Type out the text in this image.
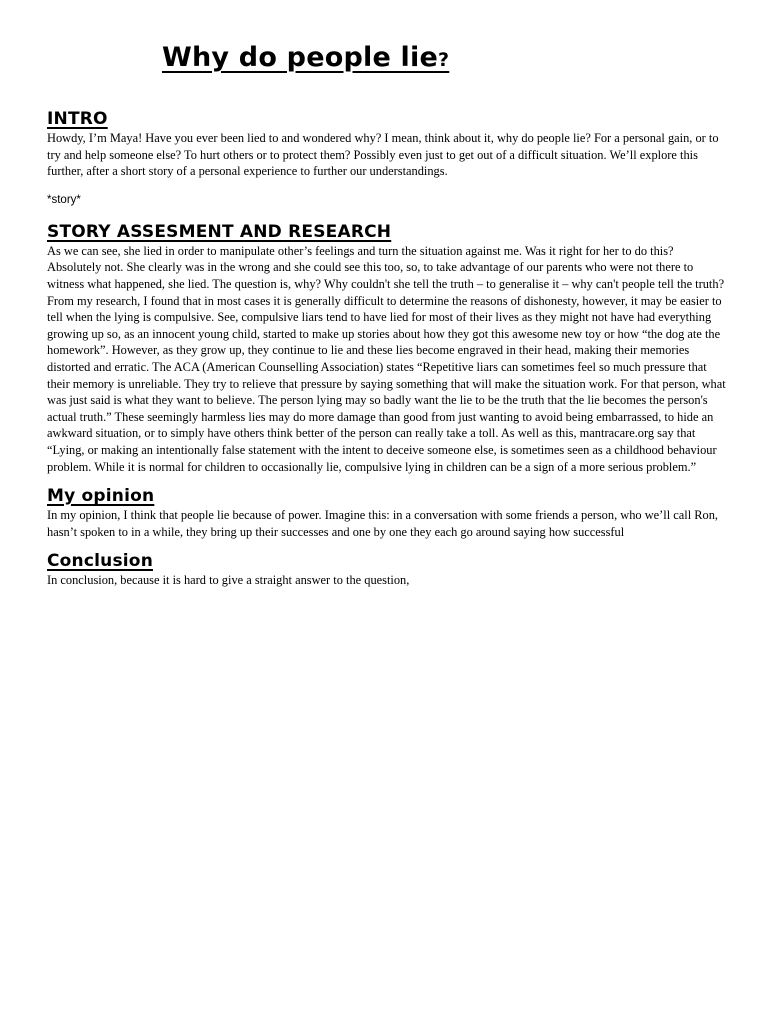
Why do people lie?
INTRO

Howdy, I’m Maya! Have you ever been lied to and wondered why? I mean, think about it, why do people lie? For a personal gain, or to try and help someone else? To hurt others or to protect them? Possibly even just to get out of a difficult situation. We’ll explore this further, after a short story of a personal experience to further our understandings.

*story*

STORY ASSESMENT AND RESEARCH

As we can see, she lied in order to manipulate other’s feelings and turn the situation against me. Was it right for her to do this? Absolutely not. She clearly was in the wrong and she could see this too, so, to take advantage of our parents who were not there to witness what happened, she lied. The question is, why? Why couldn't she tell the truth – to generalise it – why can't people tell the truth? From my research, I found that in most cases it is generally difficult to determine the reasons of dishonesty, however, it may be easier to tell when the lying is compulsive. See, compulsive liars tend to have lied for most of their lives as they might not have had everything growing up so, as an innocent young child, started to make up stories about how they got this awesome new toy or how “the dog ate the homework”. However, as they grow up, they continue to lie and these lies become engraved in their head, making their memories distorted and erratic. The ACA (American Counselling Association) states “Repetitive liars can sometimes feel so much pressure that their memory is unreliable. They try to relieve that pressure by saying something that will make the situation work. For that person, what was just said is what they want to believe. The person lying may so badly want the lie to be the truth that the lie becomes the person's actual truth.” These seemingly harmless lies may do more damage than good from just wanting to avoid being embarrassed, to hide an awkward situation, or to simply have others think better of the person can really take a toll. As well as this, mantracare.org say that “Lying, or making an intentionally false statement with the intent to deceive someone else, is sometimes seen as a childhood behaviour problem. While it is normal for children to occasionally lie, compulsive lying in children can be a sign of a more serious problem.”

My opinion

In my opinion, I think that people lie because of power. Imagine this: in a conversation with some friends a person, who we’ll call Ron, hasn’t spoken to in a while, they bring up their successes and one by one they each go around saying how successful

Conclusion

In conclusion, because it is hard to give a straight answer to the question,
